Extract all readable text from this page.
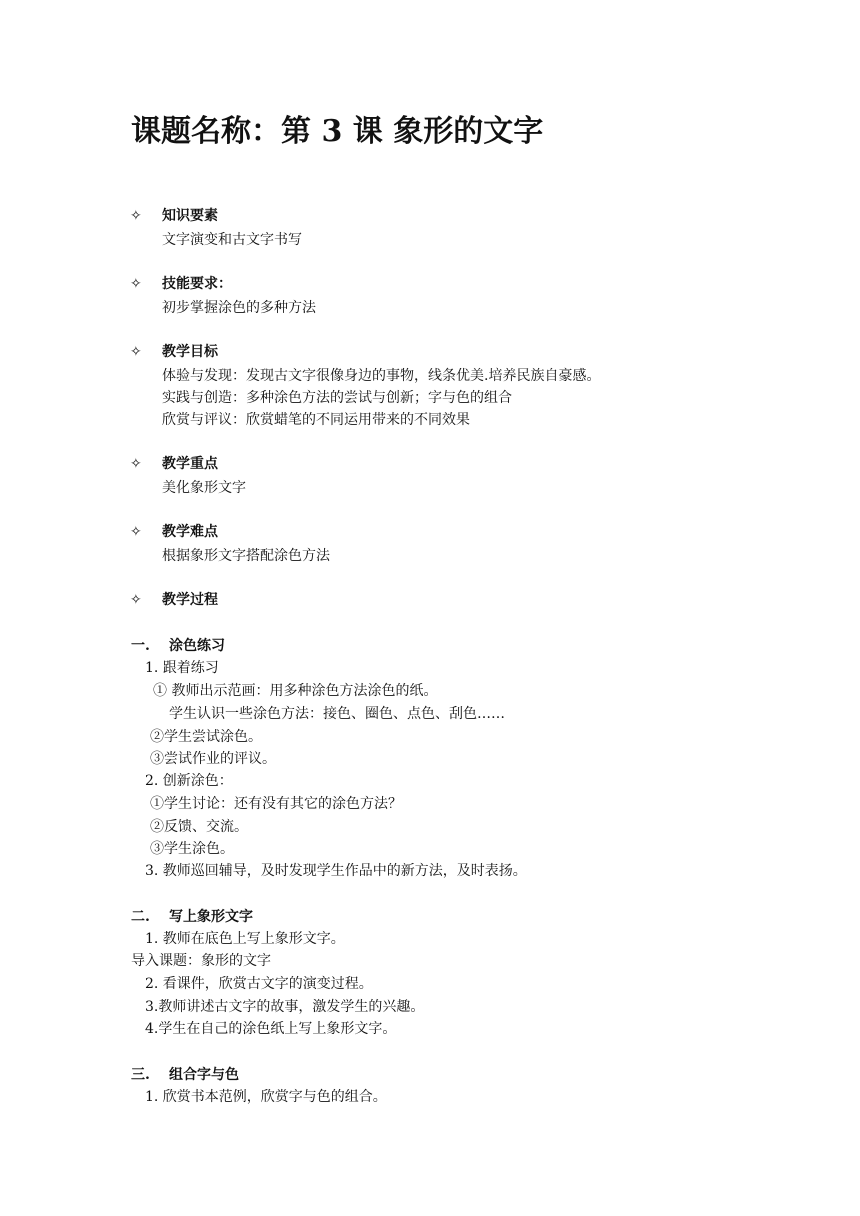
课题名称：第 3 课 象形的文字
✧ 知识要素
文字演变和古文字书写
✧ 技能要求：
初步掌握涂色的多种方法
✧ 教学目标
体验与发现：发现古文字很像身边的事物，线条优美.培养民族自豪感。
实践与创造：多种涂色方法的尝试与创新；字与色的组合
欣赏与评议：欣赏蜡笔的不同运用带来的不同效果
✧ 教学重点
美化象形文字
✧ 教学难点
根据象形文字搭配涂色方法
✧ 教学过程
一. 涂色练习
1. 跟着练习
① 教师出示范画：用多种涂色方法涂色的纸。
学生认识一些涂色方法：接色、圈色、点色、刮色……
②学生尝试涂色。
③尝试作业的评议。
2. 创新涂色：
①学生讨论：还有没有其它的涂色方法？
②反馈、交流。
③学生涂色。
3. 教师巡回辅导，及时发现学生作品中的新方法，及时表扬。
二. 写上象形文字
1. 教师在底色上写上象形文字。
导入课题：象形的文字
2. 看课件，欣赏古文字的演变过程。
3.教师讲述古文字的故事，激发学生的兴趣。
4.学生在自己的涂色纸上写上象形文字。
三. 组合字与色
1. 欣赏书本范例，欣赏字与色的组合。
